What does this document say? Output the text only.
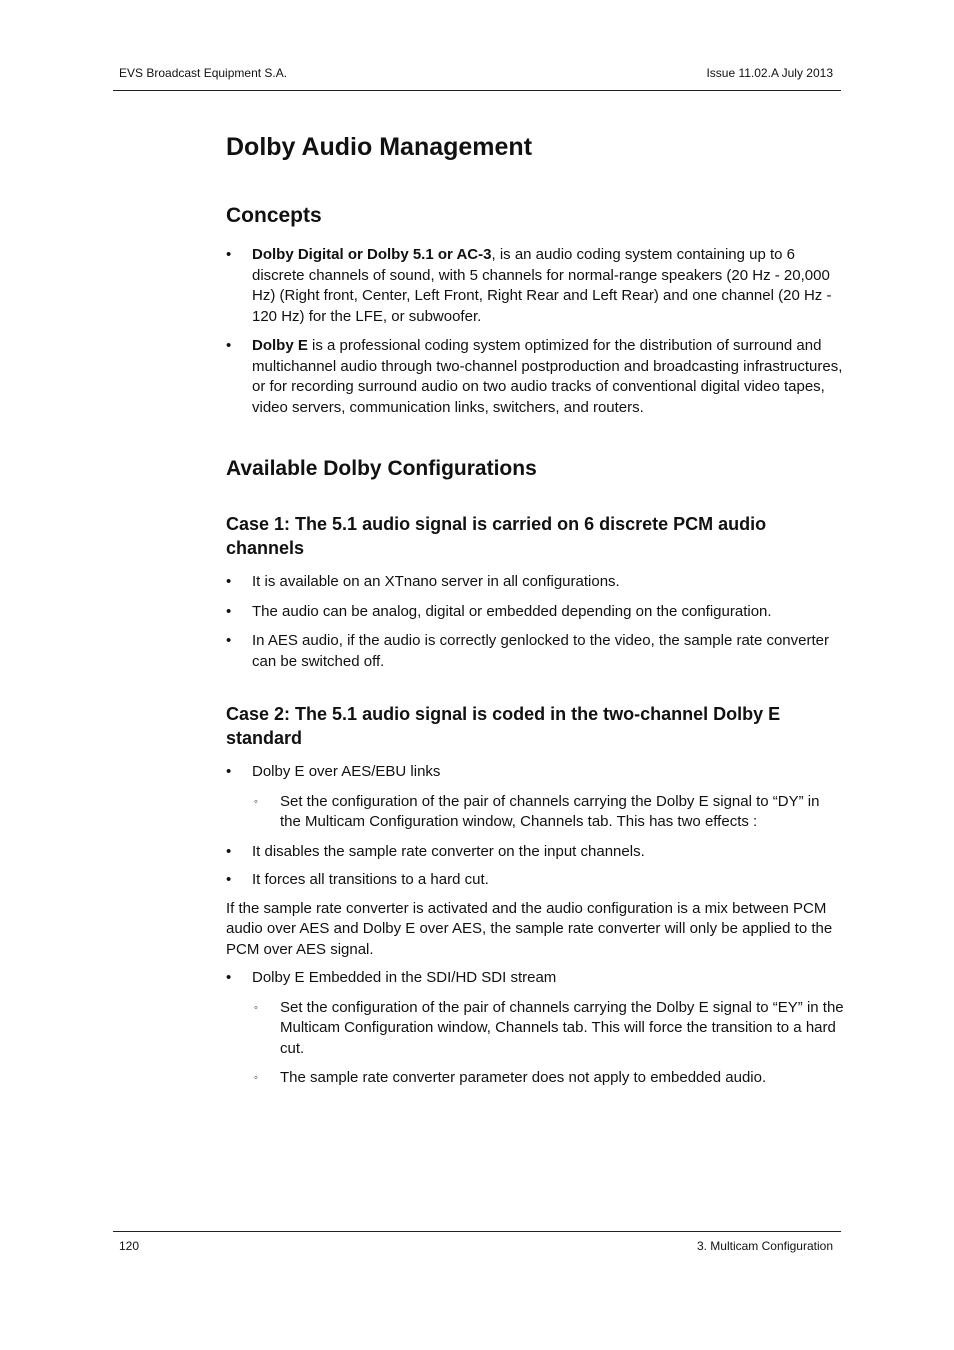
EVS Broadcast Equipment S.A.	Issue 11.02.A July 2013
Dolby Audio Management
Concepts
• Dolby Digital or Dolby 5.1 or AC-3, is an audio coding system containing up to 6 discrete channels of sound, with 5 channels for normal-range speakers (20 Hz - 20,000 Hz) (Right front, Center, Left Front, Right Rear and Left Rear) and one channel (20 Hz - 120 Hz) for the LFE, or subwoofer.

• Dolby E is a professional coding system optimized for the distribution of surround and multichannel audio through two-channel postproduction and broadcasting infrastructures, or for recording surround audio on two audio tracks of conventional digital video tapes, video servers, communication links, switchers, and routers.

Available Dolby Configurations
Case 1: The 5.1 audio signal is carried on 6 discrete PCM audio channels
• It is available on an XTnano server in all configurations.

• The audio can be analog, digital or embedded depending on the configuration.

• In AES audio, if the audio is correctly genlocked to the video, the sample rate converter can be switched off.

Case 2: The 5.1 audio signal is coded in the two-channel Dolby E standard
• Dolby E over AES/EBU links

◦ Set the configuration of the pair of channels carrying the Dolby E signal to “DY” in the Multicam Configuration window, Channels tab. This has two effects :

• It disables the sample rate converter on the input channels.

• It forces all transitions to a hard cut.

If the sample rate converter is activated and the audio configuration is a mix between PCM audio over AES and Dolby E over AES, the sample rate converter will only be applied to the PCM over AES signal.

• Dolby E Embedded in the SDI/HD SDI stream

◦ Set the configuration of the pair of channels carrying the Dolby E signal to “EY” in the Multicam Configuration window, Channels tab. This will force the transition to a hard cut.

◦ The sample rate converter parameter does not apply to embedded audio.

120	3. Multicam Configuration
